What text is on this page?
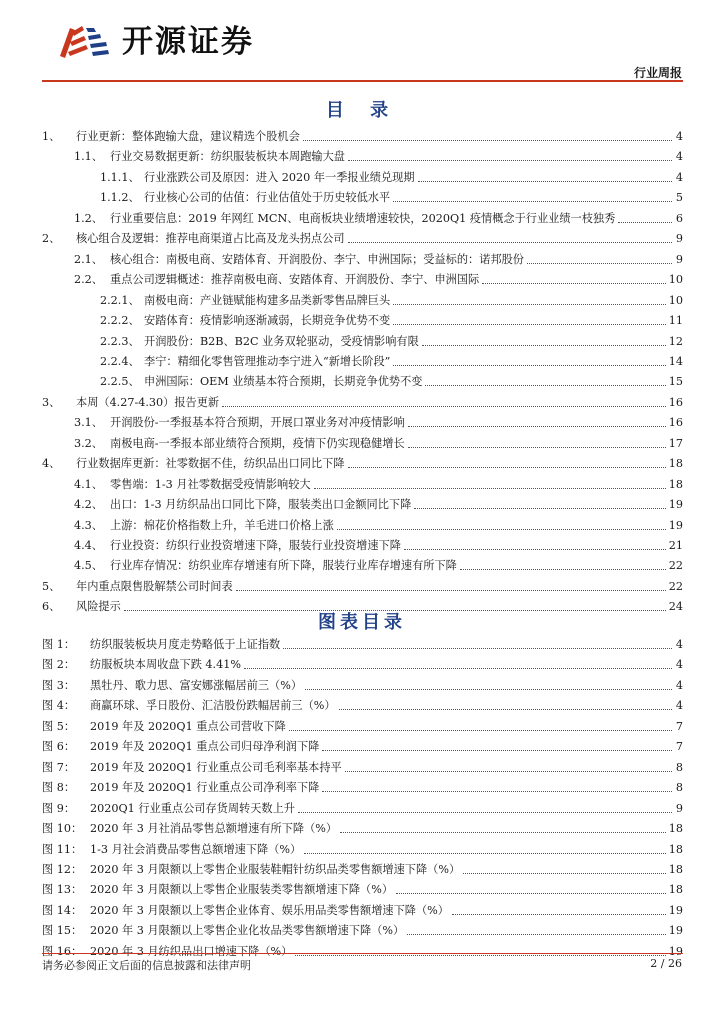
开源证券
行业周报
目 录
1、	行业更新：整体跑输大盘，建议精选个股机会	4
1.1、 行业交易数据更新：纺织服装板块本周跑输大盘	4
1.1.1、 行业涨跌公司及原因：进入 2020 年一季报业绩兑现期	4
1.1.2、 行业核心公司的估值：行业估值处于历史较低水平	5
1.2、 行业重要信息：2019 年网红 MCN、电商板块业绩增速较快，2020Q1 疫情概念于行业业绩一枝独秀	6
2、	核心组合及逻辑：推荐电商渠道占比高及龙头拐点公司	9
2.1、 核心组合：南极电商、安踏体育、开润股份、李宁、申洲国际；受益标的：诺邦股份	9
2.2、 重点公司逻辑概述：推荐南极电商、安踏体育、开润股份、李宁、申洲国际	10
2.2.1、 南极电商：产业链赋能构建多品类新零售品牌巨头	10
2.2.2、 安踏体育：疫情影响逐渐减弱，长期竞争优势不变	11
2.2.3、 开润股份：B2B、B2C 业务双轮驱动，受疫情影响有限	12
2.2.4、 李宁：精细化零售管理推动李宁进入“新增长阶段”	14
2.2.5、 申洲国际：OEM 业绩基本符合预期，长期竞争优势不变	15
3、	本周（4.27-4.30）报告更新	16
3.1、 开润股份-一季报基本符合预期，开展口罩业务对冲疫情影响	16
3.2、 南极电商-一季报本部业绩符合预期，疫情下仍实现稳健增长	17
4、	行业数据库更新：社零数据不佳，纺织品出口同比下降	18
4.1、 零售端：1-3 月社零数据受疫情影响较大	18
4.2、 出口：1-3 月纺织品出口同比下降，服装类出口金额同比下降	19
4.3、 上游：棉花价格指数上升，羊毛进口价格上涨	19
4.4、 行业投资：纺织行业投资增速下降，服装行业投资增速下降	21
4.5、 行业库存情况：纺织业库存增速有所下降，服装行业库存增速有所下降	22
5、	年内重点限售股解禁公司时间表	22
6、	风险提示	24
图表目录
图 1：	纺织服装板块月度走势略低于上证指数	4
图 2：	纺服板块本周收盘下跌 4.41%	4
图 3：	黑牡丹、歌力思、富安娜涨幅居前三（%）	4
图 4：	商赢环球、孚日股份、汇洁股份跌幅居前三（%）	4
图 5：	2019 年及 2020Q1 重点公司营收下降	7
图 6：	2019 年及 2020Q1 重点公司归母净利润下降	7
图 7：	2019 年及 2020Q1 行业重点公司毛利率基本持平	8
图 8：	2019 年及 2020Q1 行业重点公司净利率下降	8
图 9：	2020Q1 行业重点公司存货周转天数上升	9
图 10： 2020 年 3 月社消品零售总额增速有所下降（%）	18
图 11： 1-3 月社会消费品零售总额增速下降（%）	18
图 12： 2020 年 3 月限额以上零售企业服装鞋帽针纺织品类零售额增速下降（%）	18
图 13： 2020 年 3 月限额以上零售企业服装类零售额增速下降（%）	18
图 14： 2020 年 3 月限额以上零售企业体育、娱乐用品类零售额增速下降（%）	19
图 15： 2020 年 3 月限额以上零售企业化妆品类零售额增速下降（%）	19
图 16： 2020 年 3 月纺织品出口增速下降（%）	19
请务必参阅正文后面的信息披露和法律声明	2 / 26
